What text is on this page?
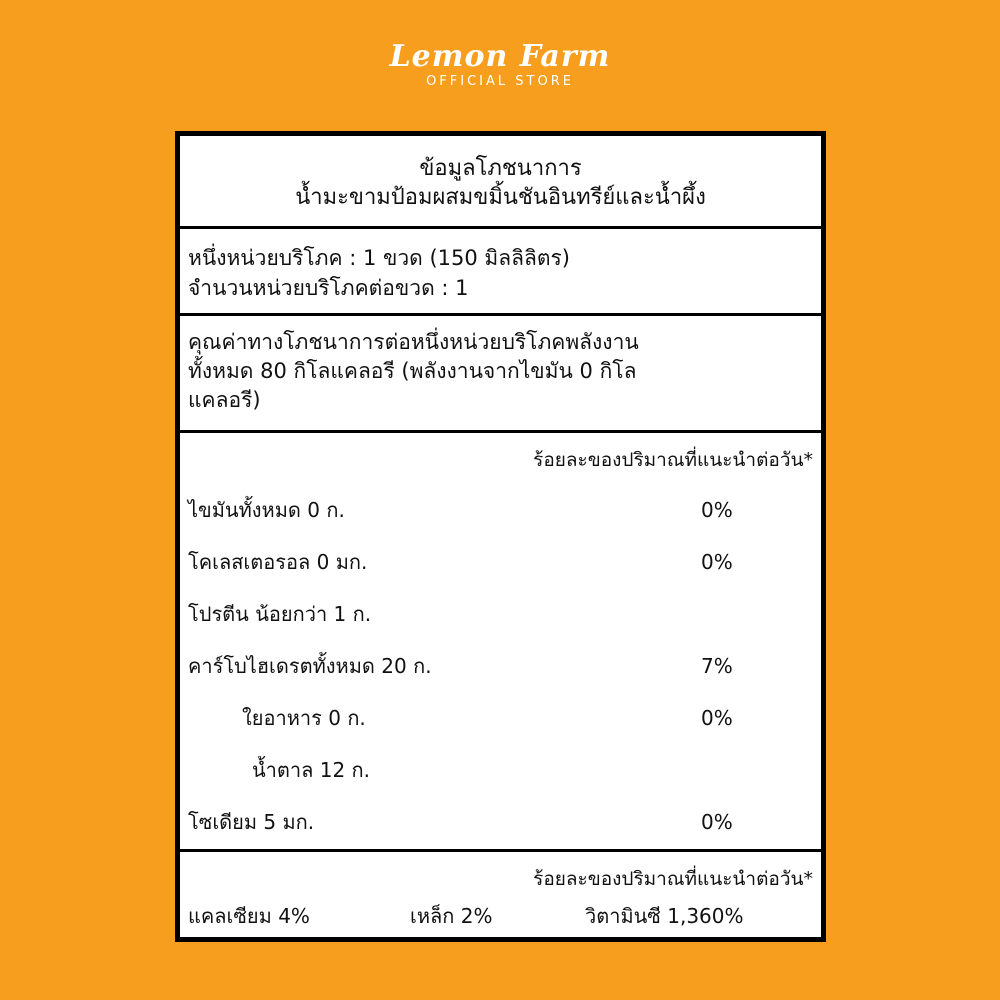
Lemon Farm
OFFICIAL STORE
ข้อมูลโภชนาการ
น้ำมะขามป้อมผสมขมิ้นชันอินทรีย์และน้ำผึ้ง
หนึ่งหน่วยบริโภค : 1 ขวด (150 มิลลิลิตร)
จำนวนหน่วยบริโภคต่อขวด : 1
คุณค่าทางโภชนาการต่อหนึ่งหน่วยบริโภคพลังงาน
ทั้งหมด 80 กิโลแคลอรี (พลังงานจากไขมัน 0 กิโล
แคลอรี)
ร้อยละของปริมาณที่แนะนำต่อวัน*
ไขมันทั้งหมด 0 ก.	0%
โคเลสเตอรอล 0 มก.	0%
โปรตีน น้อยกว่า 1 ก.
คาร์โบไฮเดรตทั้งหมด 20 ก.	7%
ใยอาหาร 0 ก.	0%
น้ำตาล 12 ก.
โซเดียม 5 มก.	0%
ร้อยละของปริมาณที่แนะนำต่อวัน*
แคลเซียม 4%	เหล็ก 2%	วิตามินซี 1,360%
